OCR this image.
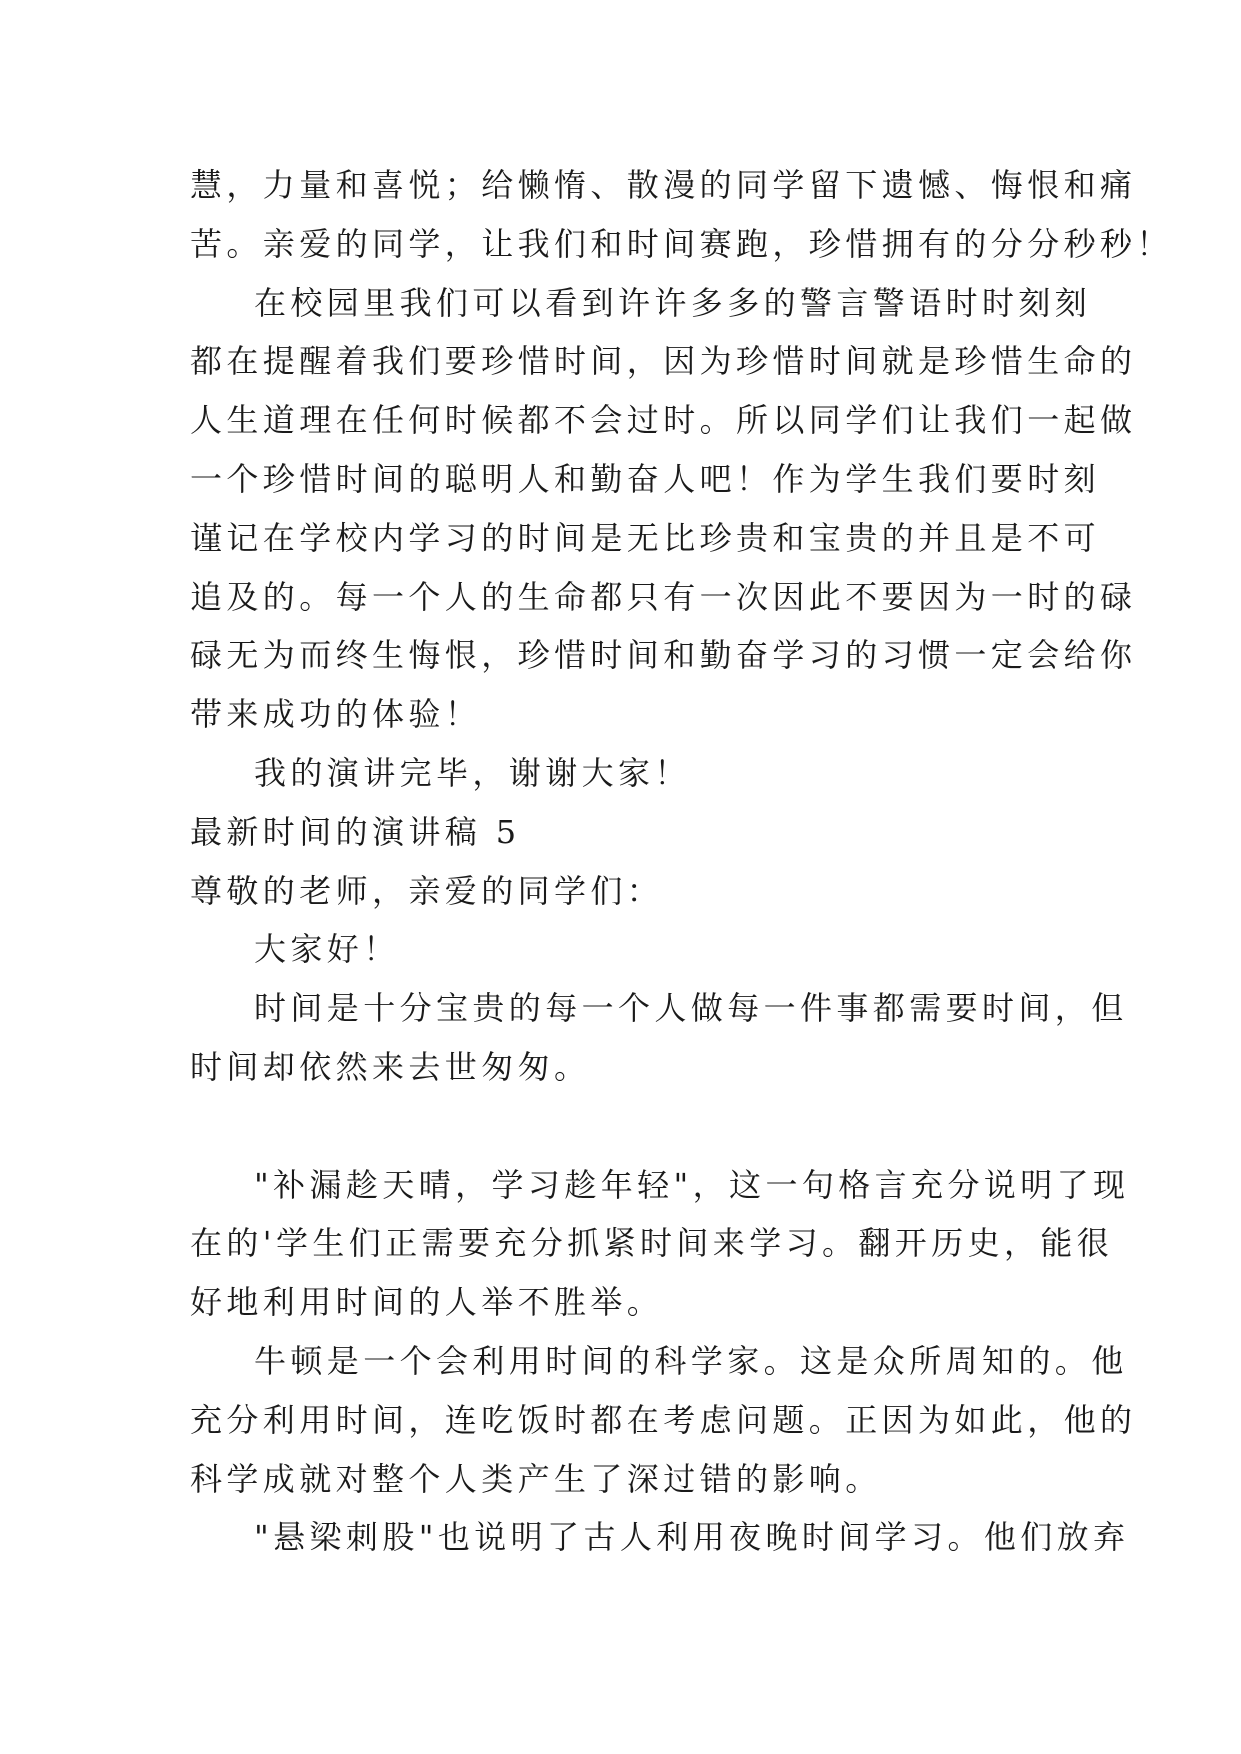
慧，力量和喜悦；给懒惰、散漫的同学留下遗憾、悔恨和痛
苦。亲爱的同学，让我们和时间赛跑，珍惜拥有的分分秒秒！
在校园里我们可以看到许许多多的警言警语时时刻刻
都在提醒着我们要珍惜时间，因为珍惜时间就是珍惜生命的
人生道理在任何时候都不会过时。所以同学们让我们一起做
一个珍惜时间的聪明人和勤奋人吧！作为学生我们要时刻
谨记在学校内学习的时间是无比珍贵和宝贵的并且是不可
追及的。每一个人的生命都只有一次因此不要因为一时的碌
碌无为而终生悔恨，珍惜时间和勤奋学习的习惯一定会给你
带来成功的体验！
我的演讲完毕，谢谢大家！
最新时间的演讲稿 5
尊敬的老师，亲爱的同学们：
大家好！
时间是十分宝贵的每一个人做每一件事都需要时间，但
时间却依然来去世匆匆。
"补漏趁天晴，学习趁年轻"，这一句格言充分说明了现
在的'学生们正需要充分抓紧时间来学习。翻开历史，能很
好地利用时间的人举不胜举。
牛顿是一个会利用时间的科学家。这是众所周知的。他
充分利用时间，连吃饭时都在考虑问题。正因为如此，他的
科学成就对整个人类产生了深过错的影响。
"悬梁刺股"也说明了古人利用夜晚时间学习。他们放弃
